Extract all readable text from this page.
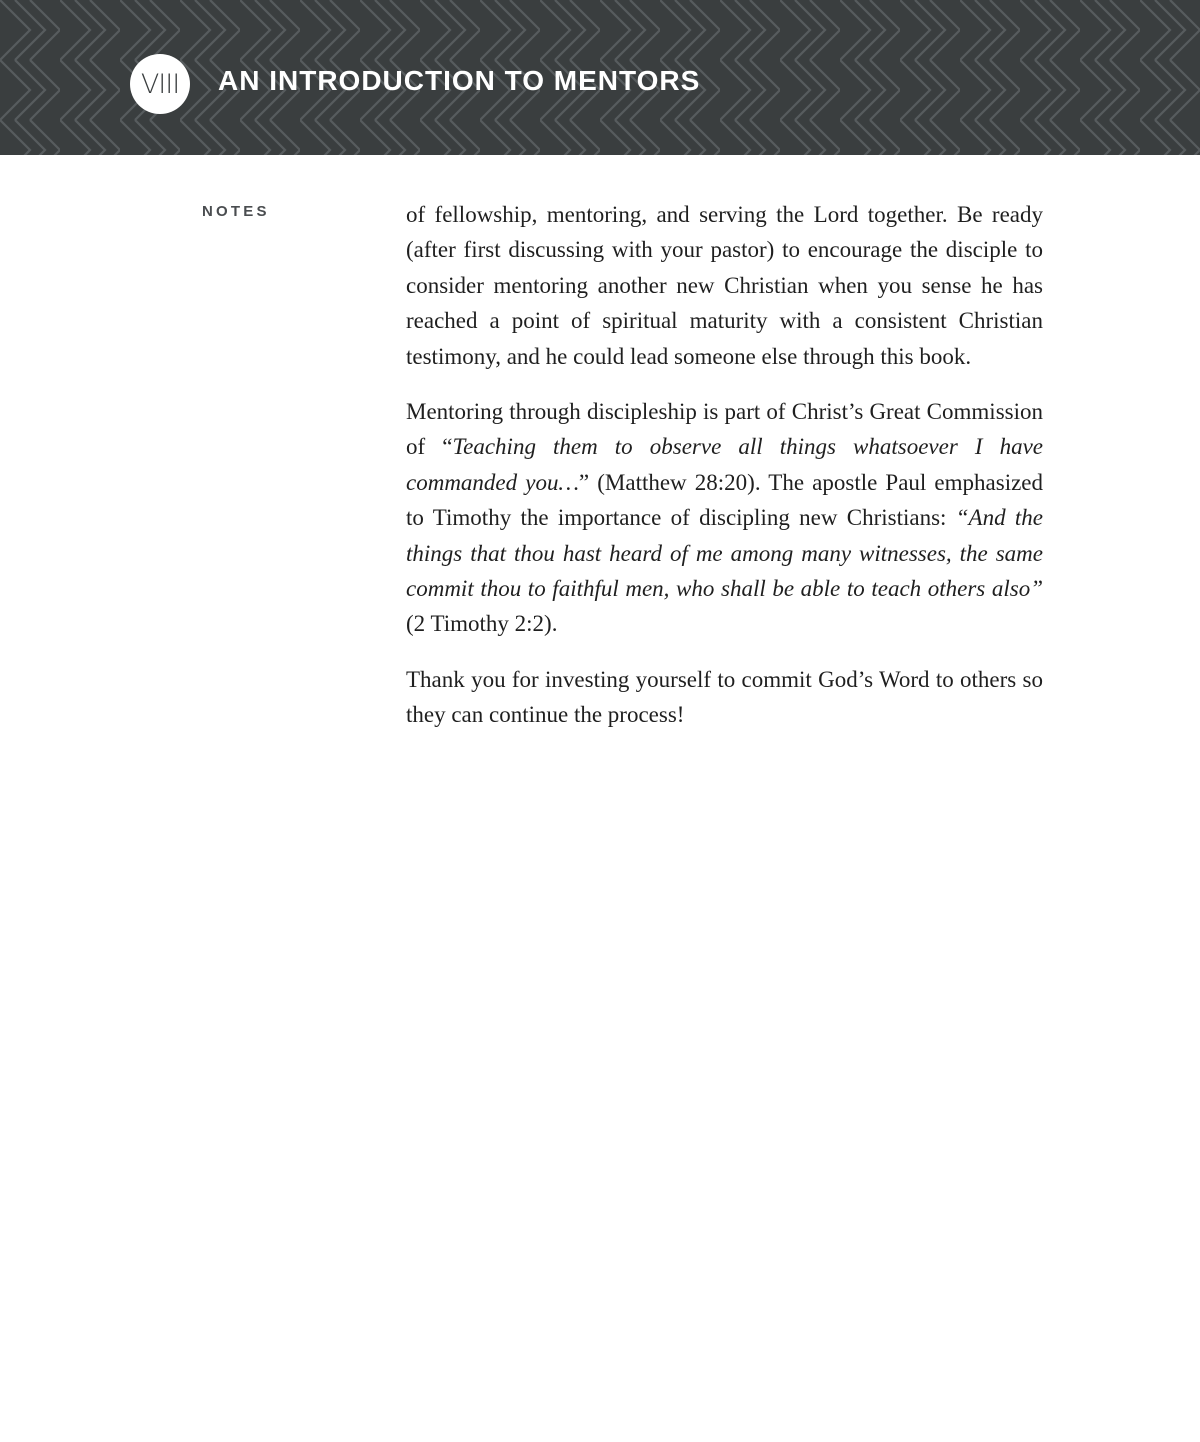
VIII	AN INTRODUCTION TO MENTORS
NOTES	of fellowship, mentoring, and serving the Lord together. Be ready (after first discussing with your pastor) to encourage the disciple to consider mentoring another new Christian when you sense he has reached a point of spiritual maturity with a consistent Christian testimony, and he could lead someone else through this book.

Mentoring through discipleship is part of Christ’s Great Commission of “Teaching them to observe all things whatsoever I have commanded you…” (Matthew 28:20). The apostle Paul emphasized to Timothy the importance of discipling new Christians: “And the things that thou hast heard of me among many witnesses, the same commit thou to faithful men, who shall be able to teach others also” (2 Timothy 2:2).

Thank you for investing yourself to commit God’s Word to others so they can continue the process!
